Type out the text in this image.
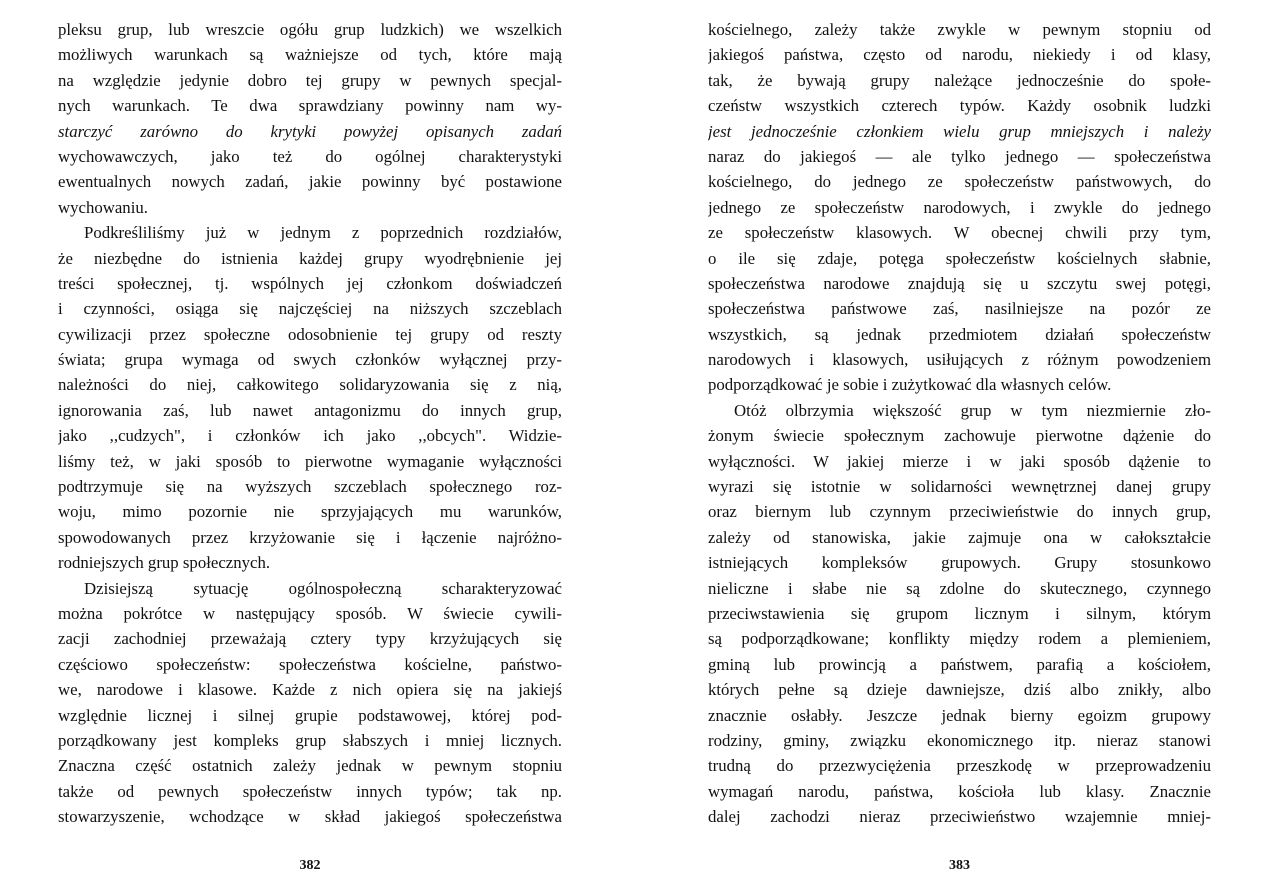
pleksu grup, lub wreszcie ogółu grup ludzkich) we wszelkich
możliwych warunkach są ważniejsze od tych, które mają
na względzie jedynie dobro tej grupy w pewnych specjal-
nych warunkach. Te dwa sprawdziany powinny nam wy-
starczyć zarówno do krytyki powyżej opisanych zadań
wychowawczych, jako też do ogólnej charakterystyki
ewentualnych nowych zadań, jakie powinny być postawione
wychowaniu.
Podkreśliliśmy już w jednym z poprzednich rozdziałów,
że niezbędne do istnienia każdej grupy wyodrębnienie jej
treści społecznej, tj. wspólnych jej członkom doświadczeń
i czynności, osiąga się najczęściej na niższych szczeblach
cywilizacji przez społeczne odosobnienie tej grupy od reszty
świata; grupa wymaga od swych członków wyłącznej przy-
należności do niej, całkowitego solidaryzowania się z nią,
ignorowania zaś, lub nawet antagonizmu do innych grup,
jako ,,cudzych", i członków ich jako ,,obcych". Widzie-
liśmy też, w jaki sposób to pierwotne wymaganie wyłączności
podtrzymuje się na wyższych szczeblach społecznego roz-
woju, mimo pozornie nie sprzyjających mu warunków,
spowodowanych przez krzyżowanie się i łączenie najróżno-
rodniejszych grup społecznych.
Dzisiejszą sytuację ogólnospołeczną scharakteryzować
można pokrótce w następujący sposób. W świecie cywili-
zacji zachodniej przeważają cztery typy krzyżujących się
częściowo społeczeństw: społeczeństwa kościelne, państwo-
we, narodowe i klasowe. Każde z nich opiera się na jakiejś
względnie licznej i silnej grupie podstawowej, której pod-
porządkowany jest kompleks grup słabszych i mniej licznych.
Znaczna część ostatnich zależy jednak w pewnym stopniu
także od pewnych społeczeństw innych typów; tak np.
stowarzyszenie, wchodzące w skład jakiegoś społeczeństwa
382
kościelnego, zależy także zwykle w pewnym stopniu od
jakiegoś państwa, często od narodu, niekiedy i od klasy,
tak, że bywają grupy należące jednocześnie do społe-
czeństw wszystkich czterech typów. Każdy osobnik ludzki
jest jednocześnie członkiem wielu grup mniejszych i należy
naraz do jakiegoś — ale tylko jednego — społeczeństwa
kościelnego, do jednego ze społeczeństw państwowych, do
jednego ze społeczeństw narodowych, i zwykle do jednego
ze społeczeństw klasowych. W obecnej chwili przy tym,
o ile się zdaje, potęga społeczeństw kościelnych słabnie,
społeczeństwa narodowe znajdują się u szczytu swej potęgi,
społeczeństwa państwowe zaś, nasilniejsze na pozór ze
wszystkich, są jednak przedmiotem działań społeczeństw
narodowych i klasowych, usiłujących z różnym powodzeniem
podporządkować je sobie i zużytkować dla własnych celów.
Otóż olbrzymia większość grup w tym niezmiernie zło-
żonym świecie społecznym zachowuje pierwotne dążenie do
wyłączności. W jakiej mierze i w jaki sposób dążenie to
wyrazi się istotnie w solidarności wewnętrznej danej grupy
oraz biernym lub czynnym przeciwieństwie do innych grup,
zależy od stanowiska, jakie zajmuje ona w całokształcie
istniejących kompleksów grupowych. Grupy stosunkowo
nieliczne i słabe nie są zdolne do skutecznego, czynnego
przeciwstawienia się grupom licznym i silnym, którym
są podporządkowane; konflikty między rodem a plemieniem,
gminą lub prowincją a państwem, parafią a kościołem,
których pełne są dzieje dawniejsze, dziś albo znikły, albo
znacznie osłabły. Jeszcze jednak bierny egoizm grupowy
rodziny, gminy, związku ekonomicznego itp. nieraz stanowi
trudną do przezwyciężenia przeszkodę w przeprowadzeniu
wymagań narodu, państwa, kościoła lub klasy. Znacznie
dalej zachodzi nieraz przeciwieństwo wzajemnie mniej-
383
